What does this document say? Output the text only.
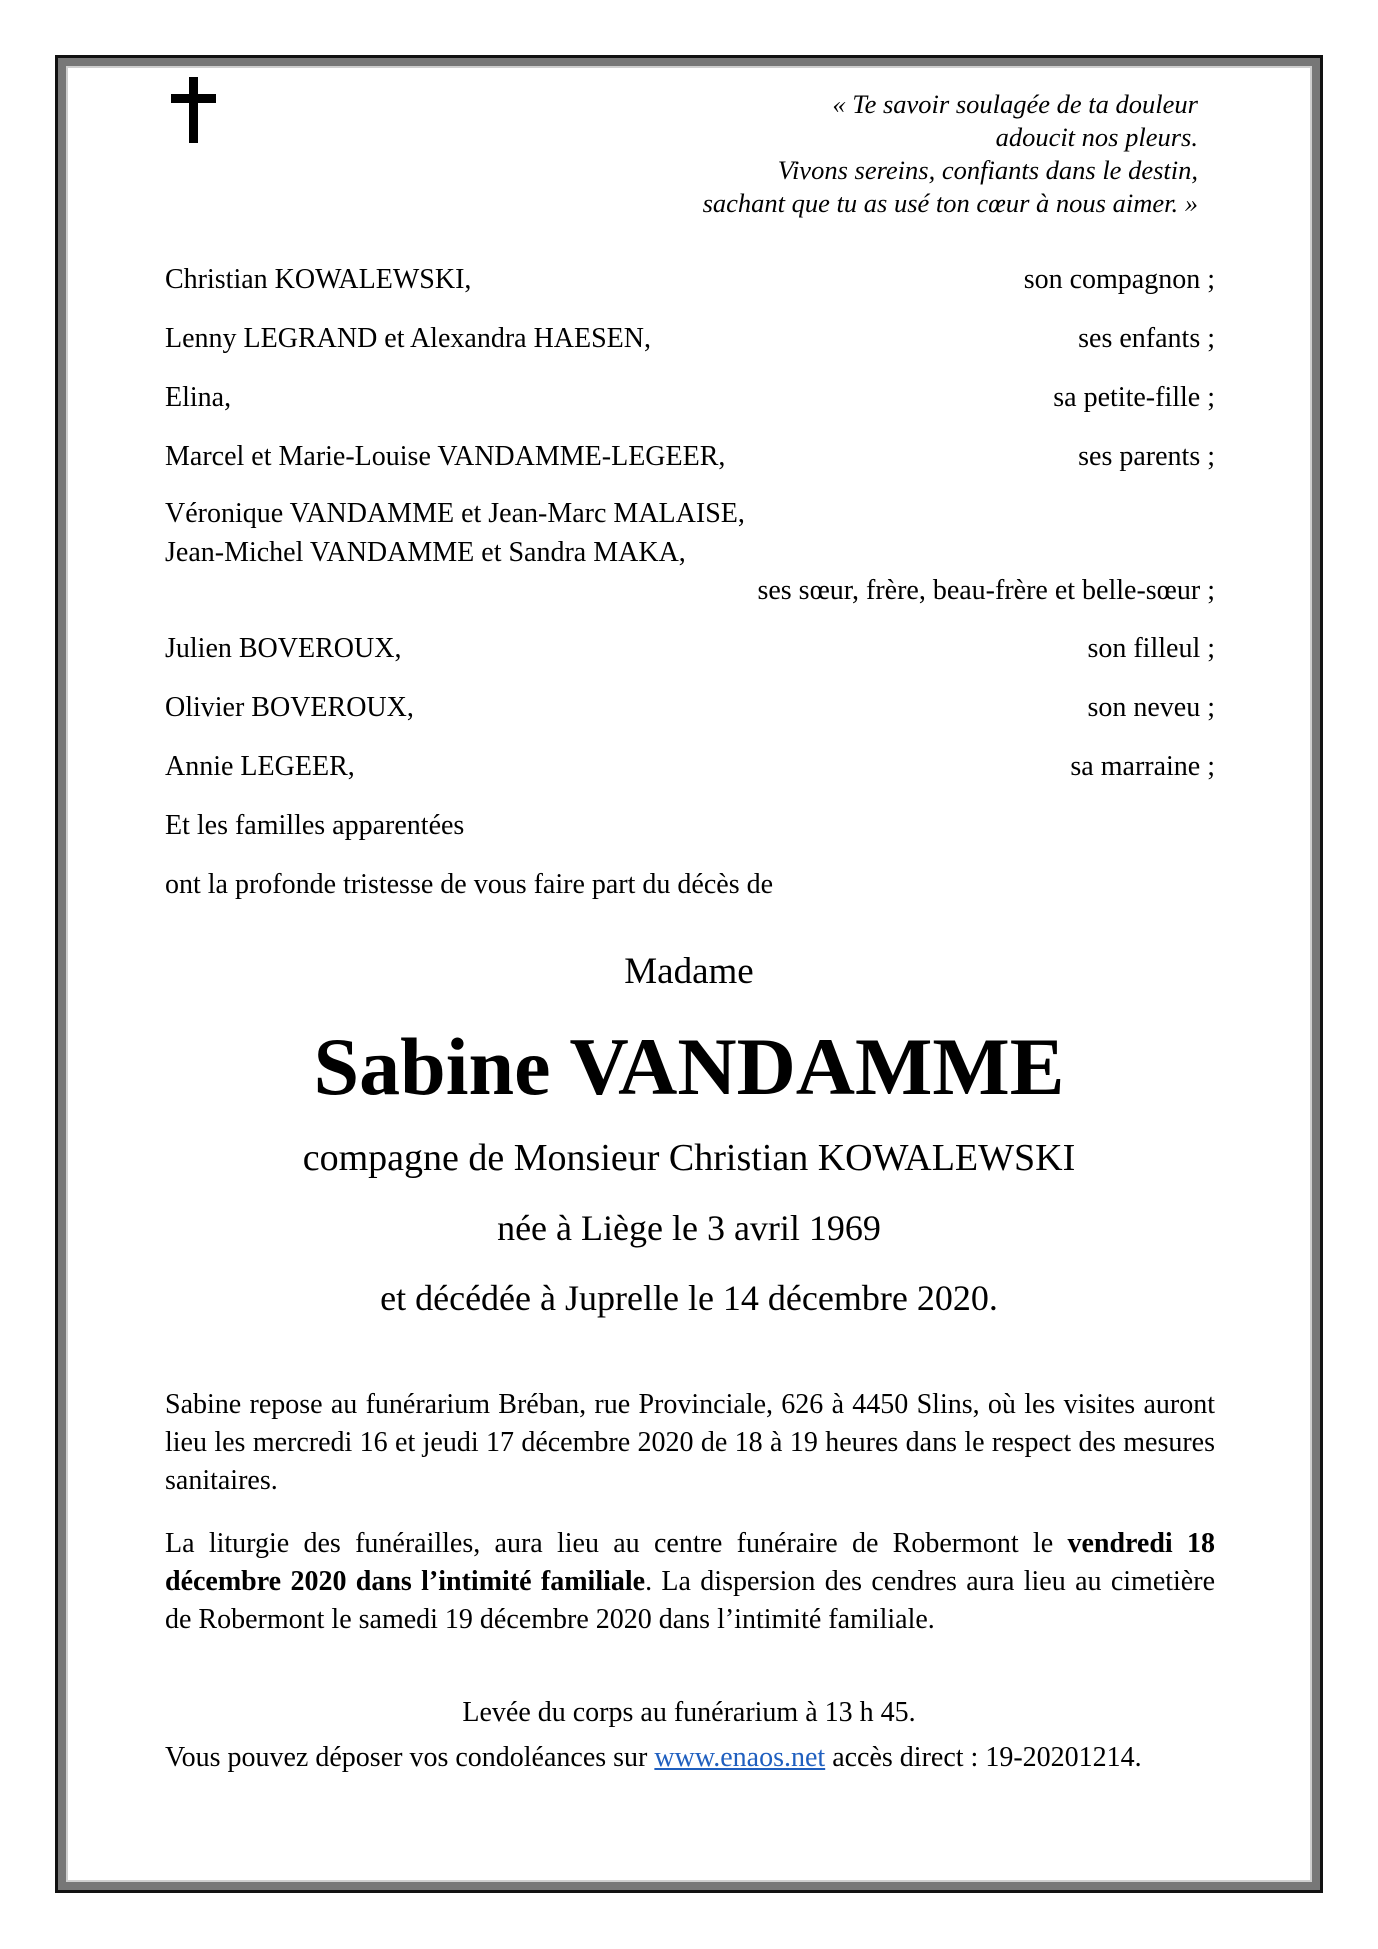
« Te savoir soulagée de ta douleur
adoucit nos pleurs.
Vivons sereins, confiants dans le destin,
sachant que tu as usé ton cœur à nous aimer. »
Christian KOWALEWSKI,	son compagnon ;
Lenny LEGRAND et Alexandra HAESEN,	ses enfants ;
Elina,	sa petite-fille ;
Marcel et Marie-Louise VANDAMME-LEGEER,	ses parents ;
Véronique VANDAMME et Jean-Marc MALAISE,
Jean-Michel VANDAMME et Sandra MAKA,
ses sœur, frère, beau-frère et belle-sœur ;
Julien BOVEROUX,	son filleul ;
Olivier BOVEROUX,	son neveu ;
Annie LEGEER,	sa marraine ;
Et les familles apparentées
ont la profonde tristesse de vous faire part du décès de
Madame
Sabine VANDAMME
compagne de Monsieur Christian KOWALEWSKI
née à Liège le 3 avril 1969
et décédée à Juprelle le 14 décembre 2020.
Sabine repose au funérarium Bréban, rue Provinciale, 626 à 4450 Slins, où les visites auront lieu les mercredi 16 et jeudi 17 décembre 2020 de 18 à 19 heures dans le respect des mesures sanitaires.
La liturgie des funérailles, aura lieu au centre funéraire de Robermont le vendredi 18 décembre 2020 dans l’intimité familiale. La dispersion des cendres aura lieu au cimetière de Robermont le samedi 19 décembre 2020 dans l’intimité familiale.
Levée du corps au funérarium à 13 h 45.
Vous pouvez déposer vos condoléances sur www.enaos.net accès direct : 19-20201214.
